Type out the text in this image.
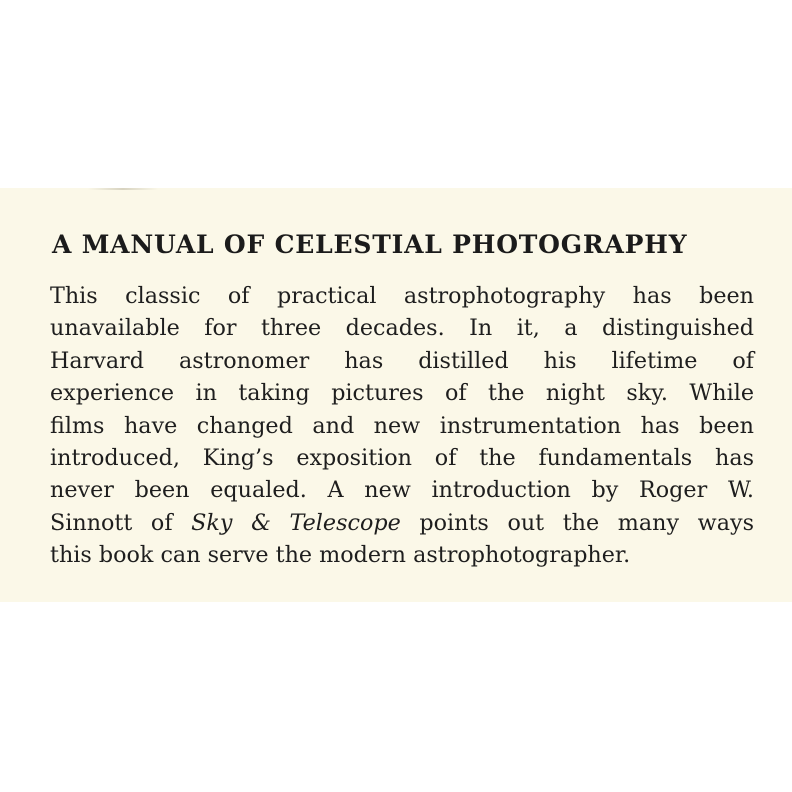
A MANUAL OF CELESTIAL PHOTOGRAPHY
This classic of practical astrophotography has been
unavailable for three decades. In it, a distinguished
Harvard astronomer has distilled his lifetime of
experience in taking pictures of the night sky. While
films have changed and new instrumentation has been
introduced, King’s exposition of the fundamentals has
never been equaled. A new introduction by Roger W.
Sinnott of Sky & Telescope points out the many ways
this book can serve the modern astrophotographer.
